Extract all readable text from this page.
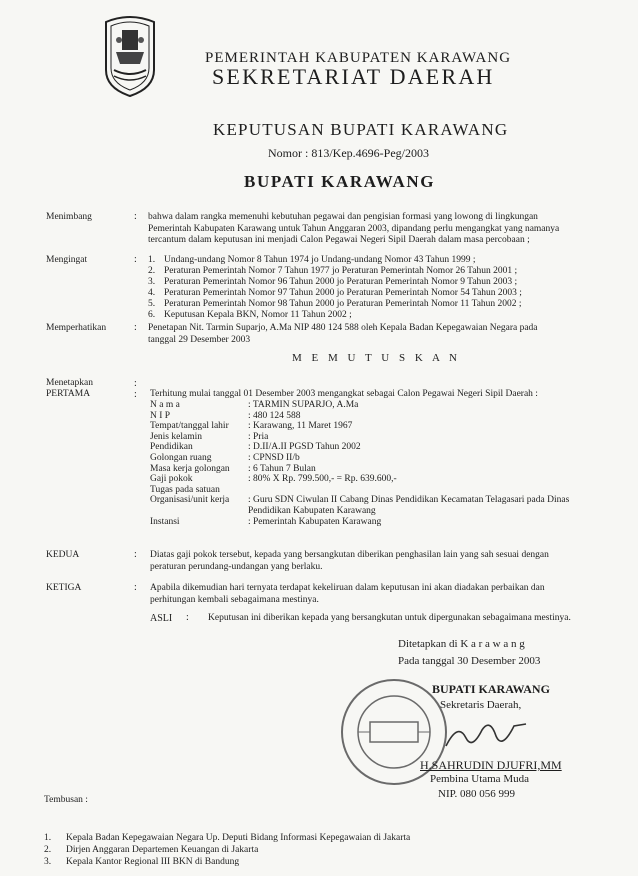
PEMERINTAH KABUPATEN KARAWANG
SEKRETARIAT DAERAH
KEPUTUSAN BUPATI KARAWANG
Nomor : 813/Kep.4696-Peg/2003
BUPATI KARAWANG
Menimbang	: bahwa dalam rangka memenuhi kebutuhan pegawai dan pengisian formasi yang lowong di lingkungan
Pemerintah Kabupaten Karawang untuk Tahun Anggaran 2003, dipandang perlu mengangkat yang namanya
tercantum dalam keputusan ini menjadi Calon Pegawai Negeri Sipil Daerah dalam masa percobaan ;
Mengingat	: 1. Undang-undang Nomor 8 Tahun 1974 jo Undang-undang Nomor 43 Tahun 1999 ;
2. Peraturan Pemerintah Nomor 7 Tahun 1977 jo Peraturan Pemerintah Nomor 26 Tahun 2001 ;
3. Peraturan Pemerintah Nomor 96 Tahun 2000 jo Peraturan Pemerintah Nomor 9 Tahun 2003 ;
4. Peraturan Pemerintah Nomor 97 Tahun 2000 jo Peraturan Pemerintah Nomor 54 Tahun 2003 ;
5. Peraturan Pemerintah Nomor 98 Tahun 2000 jo Peraturan Pemerintah Nomor 11 Tahun 2002 ;
6. Keputusan Kepala BKN, Nomor 11 Tahun 2002 ;
Memperhatikan	: Penetapan Nit. Tarmin Suparjo, A.Ma NIP 480 124 588 oleh Kepala Badan Kepegawaian Negara pada
tanggal 29 Desember 2003
M E M U T U S K A N
Menetapkan	:
PERTAMA	: Terhitung mulai tanggal 01 Desember 2003 mengangkat sebagai Calon Pegawai Negeri Sipil Daerah :
N a m a	: TARMIN SUPARJO, A.Ma
N I P	: 480 124 588
Tempat/tanggal lahir	: Karawang, 11 Maret 1967
Jenis kelamin	: Pria
Pendidikan	: D.II/A.II PGSD Tahun 2002
Golongan ruang	: CPNSD II/b
Masa kerja golongan	: 6 Tahun 7 Bulan
Gaji pokok	: 80% X Rp. 799.500,- = Rp. 639.600,-
Tugas pada satuan
Organisasi/unit kerja	: Guru SDN Ciwulan II Cabang Dinas Pendidikan Kecamatan Telagasari pada Dinas
Pendidikan Kabupaten Karawang
Instansi	: Pemerintah Kabupaten Karawang
KEDUA	: Diatas gaji pokok tersebut, kepada yang bersangkutan diberikan penghasilan lain yang sah sesuai dengan
peraturan perundang-undangan yang berlaku.
KETIGA	: Apabila dikemudian hari ternyata terdapat kekeliruan dalam keputusan ini akan diadakan perbaikan dan
perhitungan kembali sebagaimana mestinya.
ASLI : Keputusan ini diberikan kepada yang bersangkutan untuk dipergunakan sebagaimana mestinya.
Ditetapkan di K a r a w a n g
Pada tanggal 30 Desember 2003
BUPATI KARAWANG
Sekretaris Daerah,
H.SAHRUDIN DJUFRI,MM
Pembina Utama Muda
NIP. 080 056 999
Tembusan :
1.	Kepala Badan Kepegawaian Negara Up. Deputi Bidang Informasi Kepegawaian di Jakarta
2.	Dirjen Anggaran Departemen Keuangan di Jakarta
3.	Kepala Kantor Regional III BKN di Bandung
